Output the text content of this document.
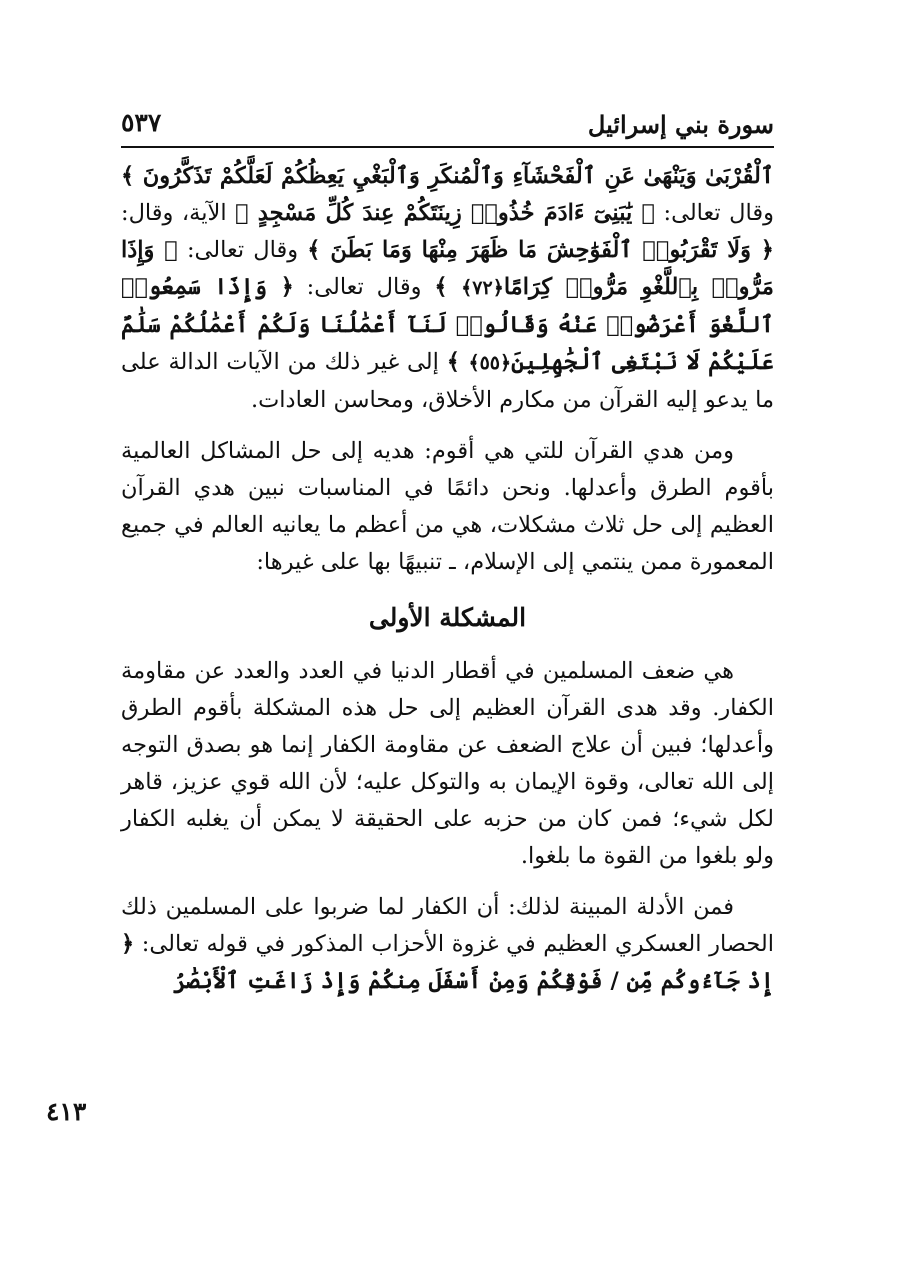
سورة بني إسرائيل
٥٣٧
٤١٣

ٱلْقُرْبَىٰ وَيَنْهَىٰ عَنِ ٱلْفَحْشَآءِ وَٱلْمُنكَرِ وَٱلْبَغْيِ يَعِظُكُمْ لَعَلَّكُمْ تَذَكَّرُونَ ﴾ وقال تعالى: ﴿ يَٰبَنِىٓ ءَادَمَ خُذُوا۟ زِينَتَكُمْ عِندَ كُلِّ مَسْجِدٍ ﴾ الآية، وقال: ﴿ وَلَا تَقْرَبُوا۟ ٱلْفَوَٰحِشَ مَا ظَهَرَ مِنْهَا وَمَا بَطَنَ ﴾ وقال تعالى: ﴿ وَإِذَا مَرُّوا۟ بِٱللَّغْوِ مَرُّوا۟ كِرَامًا﴿٧٢﴾ ﴾ وقال تعالى: ﴿ وَإِذَا سَمِعُوا۟ ٱللَّغْوَ أَعْرَضُوا۟ عَنْهُ وَقَالُوا۟ لَنَآ أَعْمَٰلُنَا وَلَكُمْ أَعْمَٰلُكُمْ سَلَٰمٌ عَلَيْكُمْ لَا نَبْتَغِى ٱلْجَٰهِلِينَ﴿٥٥﴾ ﴾ إلى غير ذلك من الآيات الدالة على ما يدعو إليه القرآن من مكارم الأخلاق، ومحاسن العادات.

ومن هدي القرآن للتي هي أقوم: هديه إلى حل المشاكل العالمية بأقوم الطرق وأعدلها. ونحن دائمًا في المناسبات نبين هدي القرآن العظيم إلى حل ثلاث مشكلات، هي من أعظم ما يعانيه العالم في جميع المعمورة ممن ينتمي إلى الإسلام، ـ تنبيهًا بها على غيرها:

المشكلة الأولى

هي ضعف المسلمين في أقطار الدنيا في العدد والعدد عن مقاومة الكفار. وقد هدى القرآن العظيم إلى حل هذه المشكلة بأقوم الطرق وأعدلها؛ فبين أن علاج الضعف عن مقاومة الكفار إنما هو بصدق التوجه إلى الله تعالى، وقوة الإيمان به والتوكل عليه؛ لأن الله قوي عزيز، قاهر لكل شيء؛ فمن كان من حزبه على الحقيقة لا يمكن أن يغلبه الكفار ولو بلغوا من القوة ما بلغوا.

فمن الأدلة المبينة لذلك: أن الكفار لما ضربوا على المسلمين ذلك الحصار العسكري العظيم في غزوة الأحزاب المذكور في قوله تعالى: ﴿ إِذْ جَآءُوكُم مِّن / فَوْقِكُمْ وَمِنْ أَسْفَلَ مِنكُمْ وَإِذْ زَاغَتِ ٱلْأَبْصَٰرُ
